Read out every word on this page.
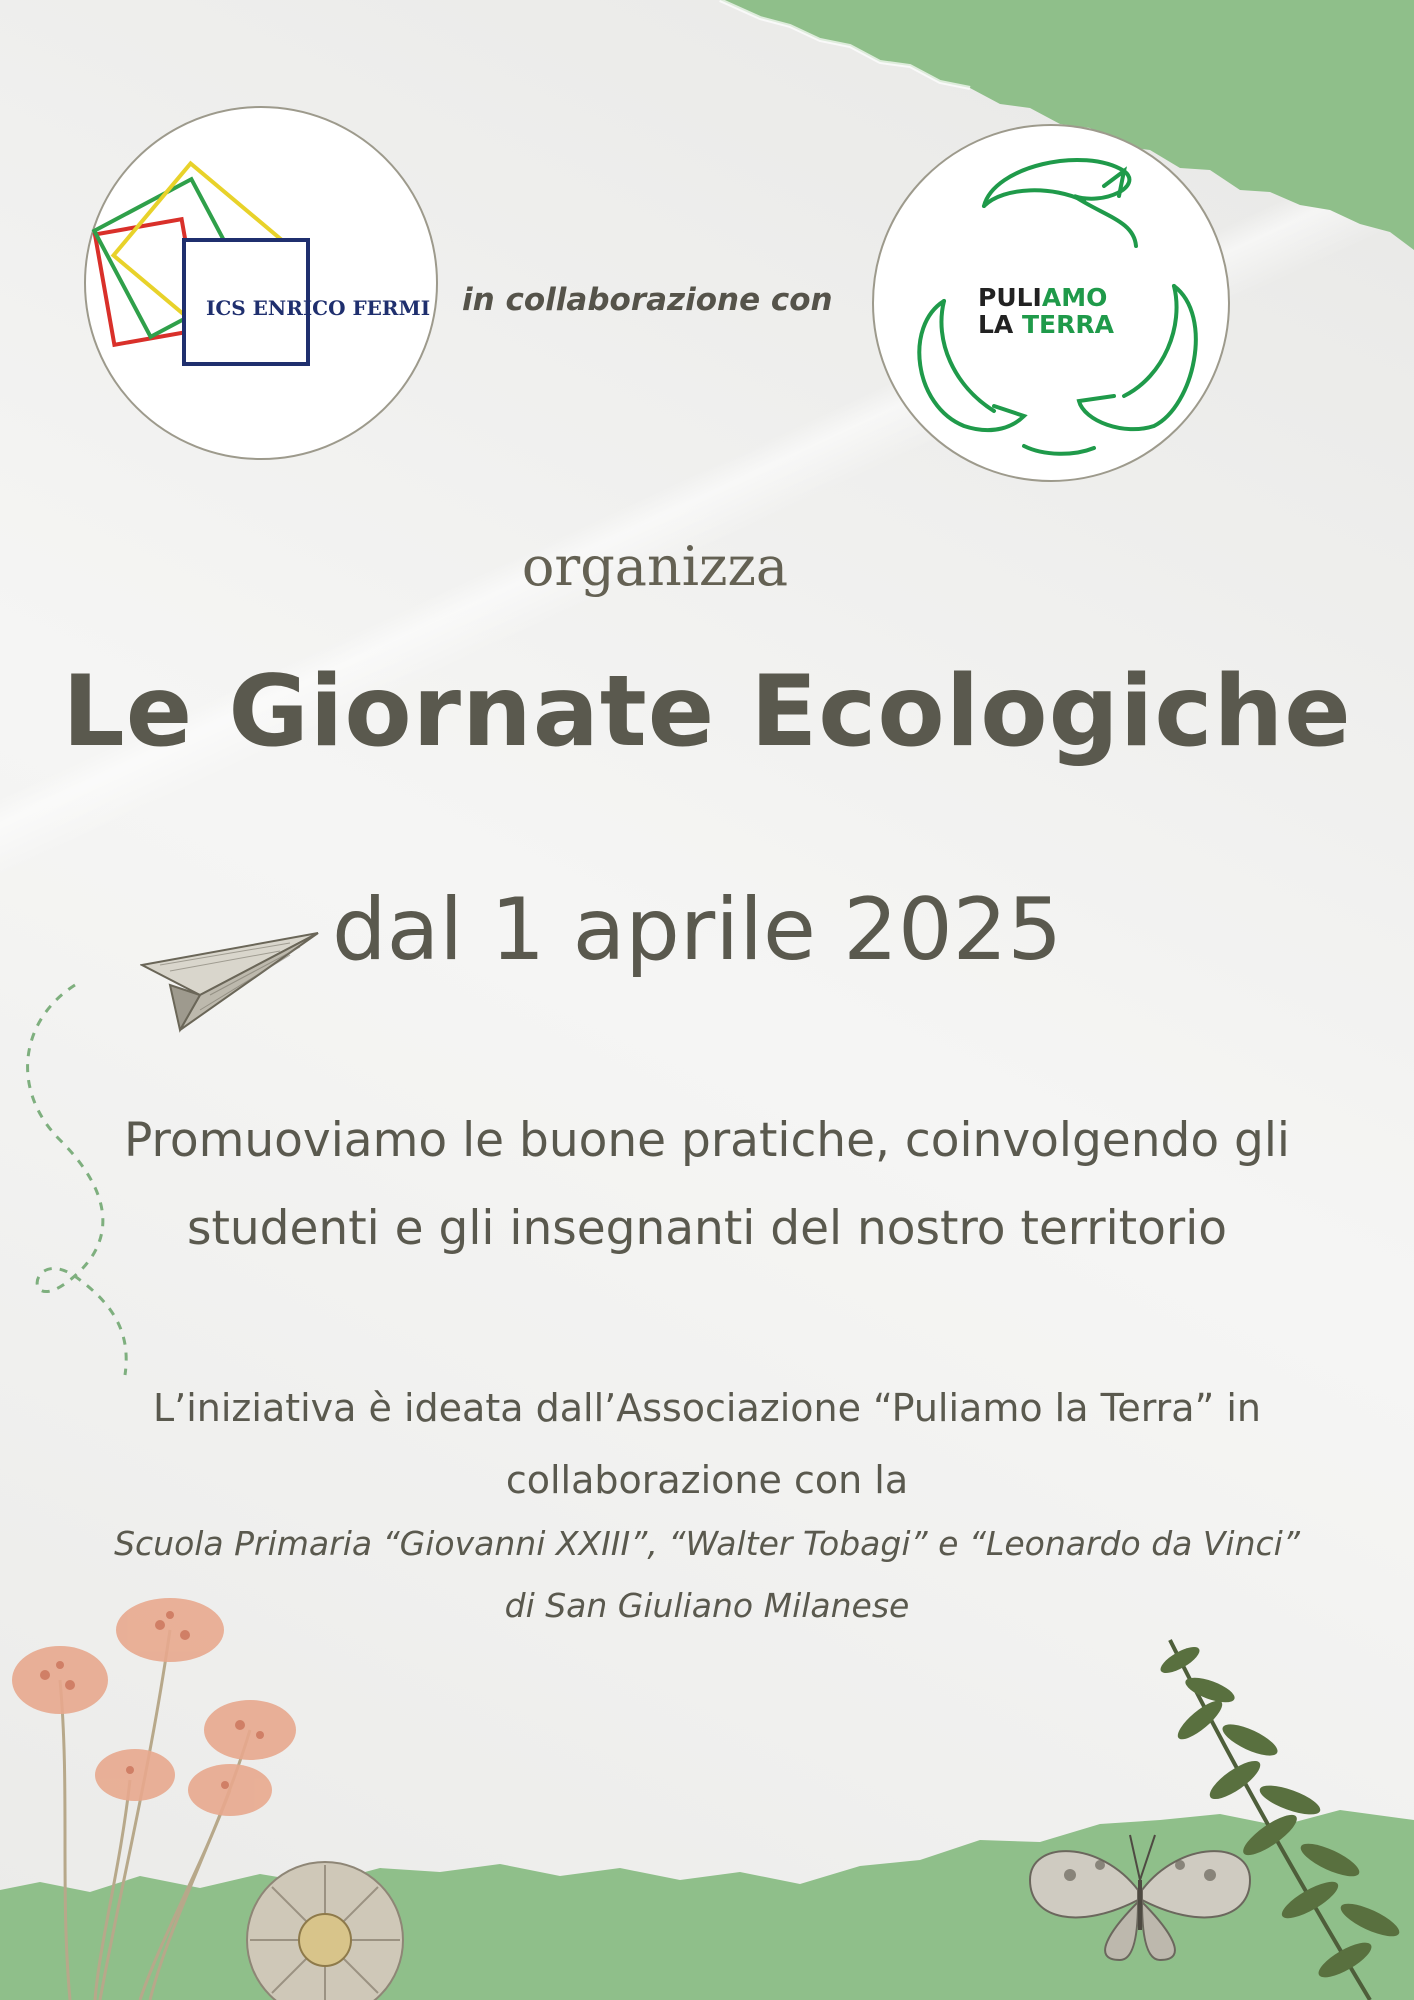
ICS ENRICO FERMI in collaborazione con	PULIAMO
LA TERRA
organizza
Le Giornate Ecologiche
dal 1 aprile 2025
Promuoviamo le buone pratiche, coinvolgendo gli
studenti e gli insegnanti del nostro territorio
L’iniziativa è ideata dall’Associazione “Puliamo la Terra” in
collaborazione con la
Scuola Primaria “Giovanni XXIII”, “Walter Tobagi” e “Leonardo da Vinci”
di San Giuliano Milanese
